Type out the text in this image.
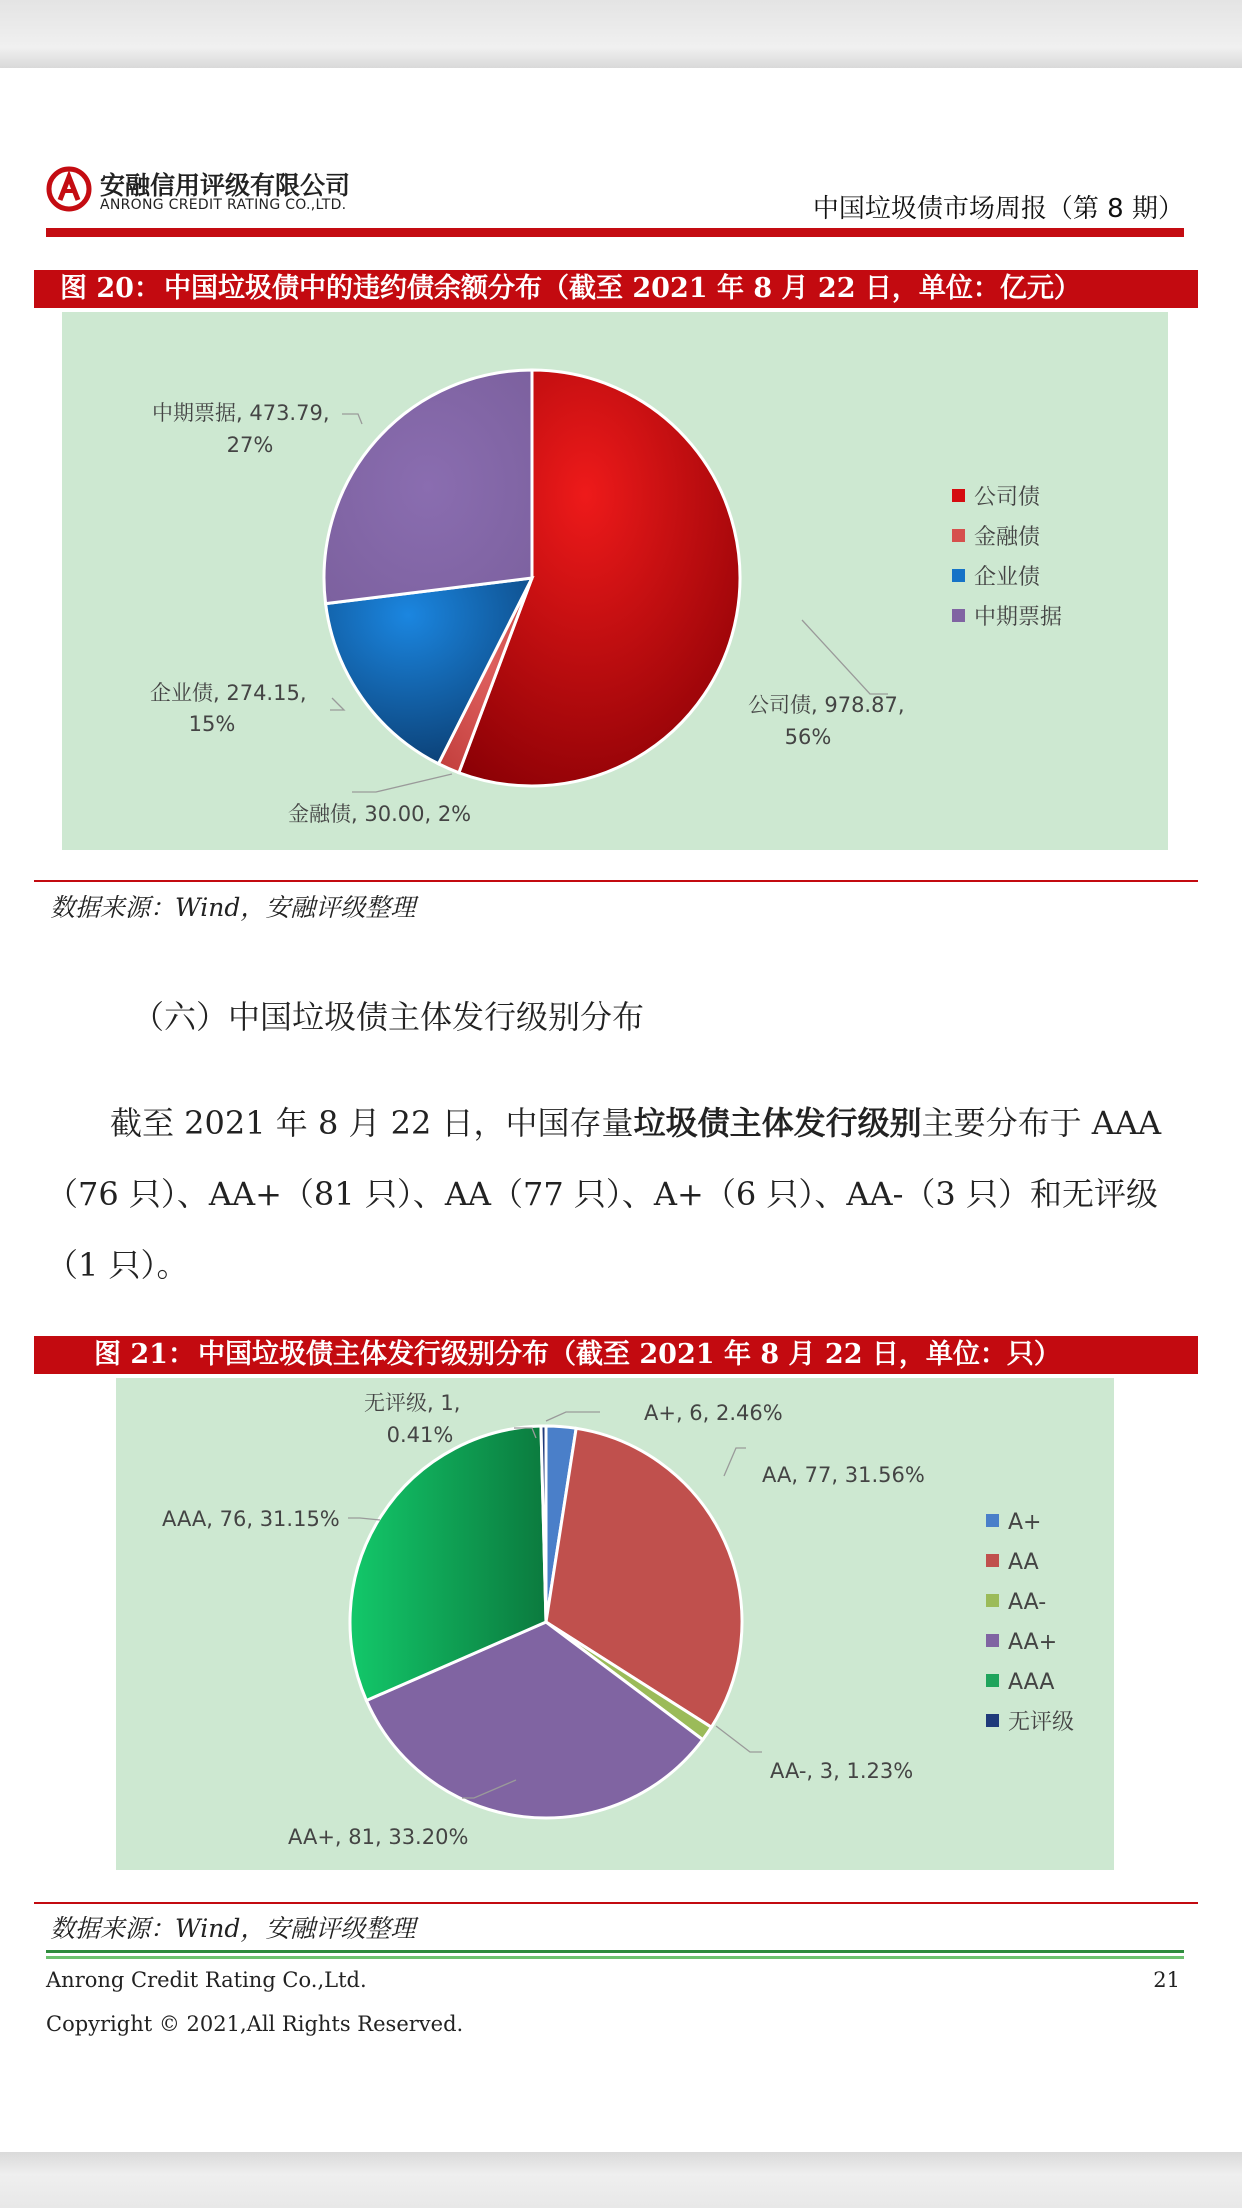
安融信用评级有限公司
ANRONG CREDIT RATING CO.,LTD.	中国垃圾债市场周报（第 8 期）
图 20： 中国垃圾债中的违约债余额分布（截至 2021 年 8 月 22 日，单位：亿元）
公司债, 978.87,
56%
金融债, 30.00, 2%
企业债, 274.15,
15%
中期票据, 473.79,
27%
公司债
金融债
企业债
中期票据
数据来源：Wind，安融评级整理
（六）中国垃圾债主体发行级别分布
截至 2021 年 8 月 22 日，中国存量垃圾债主体发行级别主要分布于 AAA（76 只）、AA+（81 只）、AA（77 只）、A+（6 只）、AA-（3 只）和无评级（1 只）。
图 21： 中国垃圾债主体发行级别分布（截至 2021 年 8 月 22 日，单位：只）
A+, 6, 2.46%
AA, 77, 31.56%
AA-, 3, 1.23%
AA+, 81, 33.20%
AAA, 76, 31.15%
无评级, 1,
0.41%
A+
AA
AA-
AA+
AAA
无评级
数据来源：Wind，安融评级整理
Anrong Credit Rating Co.,Ltd.	21
Copyright © 2021,All Rights Reserved.
